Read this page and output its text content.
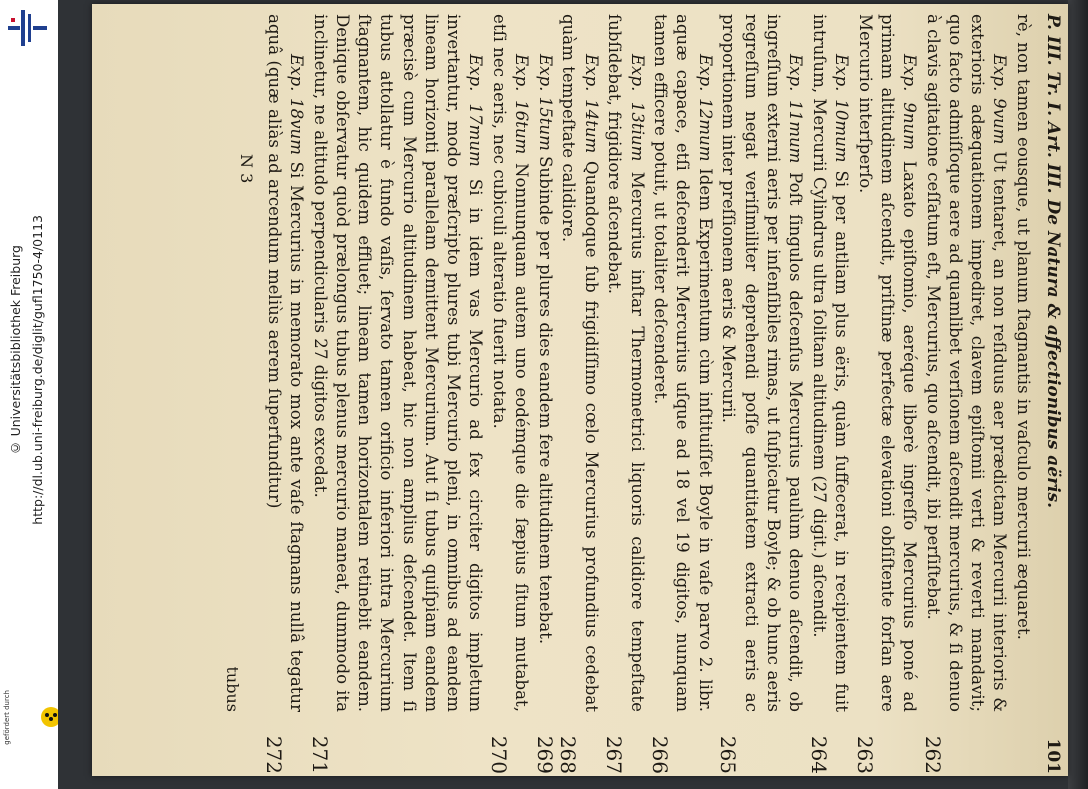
http://dl.ub.uni-freiburg.de/diglit/gufl1750-4/0113
© Universitätsbibliothek Freiburg
gefördert durch
P. III. Tr. I. Art. III. De Natura & affectionibus aëris.
101

rè, non tamen eousque, ut planum ſtagnantis in vaſculo mercurii æquaret.

Exp. 9vum Ut tentaret, an non reſiduus aer prædictam Mercurii interioris & exterioris adæquationem impediret, clavem epiſtomii verti & reverti mandavit; quo facto admiſſoque aere ad quamlibet verſionem aſcendit mercurius, & ſi denuo à clavis agitatione ceſſatum eſt, Mercurius, quo aſcendit, ibi perſiſtebat.
262

Exp. 9num Laxato epiſtomio, aeréque liberè ingreſſo Mercurius poné ad primam altitudinem aſcendit, priſtinæ perfectæ elevationi obſiſtente forſan aere Mercurio interſperſo.
263

Exp. 10mum Si per antliam plus aëris, quàm ſuffecerat, in recipientem fuit intruſum, Mercurii Cylindrus ultra ſolitam altitudinem (27 digit.) aſcendit.
264

Exp. 11mum Poſt ſingulos deſcenſus Mercurius paulùm denuo aſcendit, ob ingreſſum externi aeris per inſenſibiles rimas, ut ſuſpicatur Boyle; & ob hunc aeris regreſſum negat veriſimiliter deprehendi poſſe quantitatem extracti aeris ac proportionem inter preſſionem aeris & Mercurii.
265

Exp. 12mum Idem Experimentum cùm inſtituiſſet Boyle in vaſe parvo 2. libr. aquæ capace, etſi deſcenderit Mercurius uſque ad 18 vel 19 digitos, nunquam tamen efficere potuit, ut totaliter deſcenderet.
266

Exp. 13tium Mercurius inſtar Thermometrici liquoris calidiore tempeſtate ſubſidebat, frigidiore aſcendebat.
267

Exp. 14tum Quandoque ſub frigidiſſimo cœlo Mercurius profundius cedebat quàm tempeſtate calidiore.
268

Exp. 15tum Subinde per plures dies eandem fere altitudinem tenebat.
269

Exp. 16tum Nonnunquam autem uno eodémque die ſæpius ſitum mutabat, etſi nec aeris, nec cubiculi alteratio fuerit notata.
270

Exp. 17mum Si in idem vas Mercurio ad ſex circiter digitos impletum invertantur, modo præſcripto plures tubi Mercurio pleni, in omnibus ad eandem lineam horizonti parallelam demittent Mercurium. Aut ſi tubus quiſpiam eandem præcisè cum Mercurio altitudinem habeat, hic non amplius deſcendet. Item ſi tubus attollatur è fundo vaſis, ſervato tamen orificio inferiori intra Mercurium ſtagnantem, hic quidem effluet; lineam tamen horizontalem retinebit eandem. Denique obſervatur quòd prælongus tubus plenus mercurio maneat, dummodo ita inclinetur, ne altitudo perpendicularis 27 digitos excedat.
271

Exp. 18vum Si Mercurius in memorato mox ante vaſe ſtagnans nullâ tegatur aquâ (quæ aliàs ad arcendum meliùs aerem ſuperfunditur)
272

N 3
tubus
